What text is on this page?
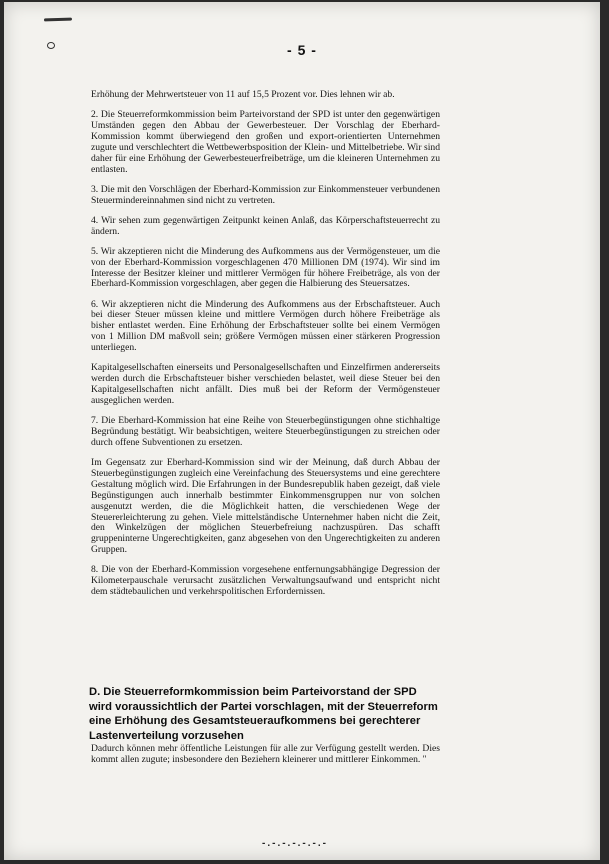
- 5 -

Erhöhung der Mehrwertsteuer von 11 auf 15,5 Prozent vor. Dies lehnen wir ab.

2. Die Steuerreformkommission beim Parteivorstand der SPD ist unter den gegenwärtigen Umständen gegen den Abbau der Gewerbesteuer. Der Vorschlag der Eberhard-Kommission kommt überwiegend den großen und export-orientierten Unternehmen zugute und verschlechtert die Wettbewerbsposition der Klein- und Mittelbetriebe. Wir sind daher für eine Erhöhung der Gewerbesteuerfreibeträge, um die kleineren Unternehmen zu entlasten.

3. Die mit den Vorschlägen der Eberhard-Kommission zur Einkommensteuer verbundenen Steuermindereinnahmen sind nicht zu vertreten.

4. Wir sehen zum gegenwärtigen Zeitpunkt keinen Anlaß, das Körperschaftsteuerrecht zu ändern.

5. Wir akzeptieren nicht die Minderung des Aufkommens aus der Vermögensteuer, um die von der Eberhard-Kommission vorgeschlagenen 470 Millionen DM (1974). Wir sind im Interesse der Besitzer kleiner und mittlerer Vermögen für höhere Freibeträge, als von der Eberhard-Kommission vorgeschlagen, aber gegen die Halbierung des Steuersatzes.

6. Wir akzeptieren nicht die Minderung des Aufkommens aus der Erbschaftsteuer. Auch bei dieser Steuer müssen kleine und mittlere Vermögen durch höhere Freibeträge als bisher entlastet werden. Eine Erhöhung der Erbschaftsteuer sollte bei einem Vermögen von 1 Million DM maßvoll sein; größere Vermögen müssen einer stärkeren Progression unterliegen.

Kapitalgesellschaften einerseits und Personalgesellschaften und Einzelfirmen andererseits werden durch die Erbschaftsteuer bisher verschieden belastet, weil diese Steuer bei den Kapitalgesellschaften nicht anfällt. Dies muß bei der Reform der Vermögensteuer ausgeglichen werden.

7. Die Eberhard-Kommission hat eine Reihe von Steuerbegünstigungen ohne stichhaltige Begründung bestätigt. Wir beabsichtigen, weitere Steuerbegünstigungen zu streichen oder durch offene Subventionen zu ersetzen.

Im Gegensatz zur Eberhard-Kommission sind wir der Meinung, daß durch Abbau der Steuerbegünstigungen zugleich eine Vereinfachung des Steuersystems und eine gerechtere Gestaltung möglich wird. Die Erfahrungen in der Bundesrepublik haben gezeigt, daß viele Begünstigungen auch innerhalb bestimmter Einkommensgruppen nur von solchen ausgenutzt werden, die die Möglichkeit hatten, die verschiedenen Wege der Steuererleichterung zu gehen. Viele mittelständische Unternehmer haben nicht die Zeit, den Winkelzügen der möglichen Steuerbefreiung nachzuspüren. Das schafft gruppeninterne Ungerechtigkeiten, ganz abgesehen von den Ungerechtigkeiten zu anderen Gruppen.

8. Die von der Eberhard-Kommission vorgesehene entfernungsabhängige Degression der Kilometerpauschale verursacht zusätzlichen Verwaltungsaufwand und entspricht nicht dem städtebaulichen und verkehrspolitischen Erfordernissen.

D. Die Steuerreformkommission beim Parteivorstand der SPD wird voraussichtlich der Partei vorschlagen, mit der Steuerreform eine Erhöhung des Gesamtsteueraufkommens bei gerechterer Lastenverteilung vorzusehen
Dadurch können mehr öffentliche Leistungen für alle zur Verfügung gestellt werden. Dies kommt allen zugute; insbesondere den Beziehern kleinerer und mittlerer Einkommen. "
-.-.-.-.-.-.-
